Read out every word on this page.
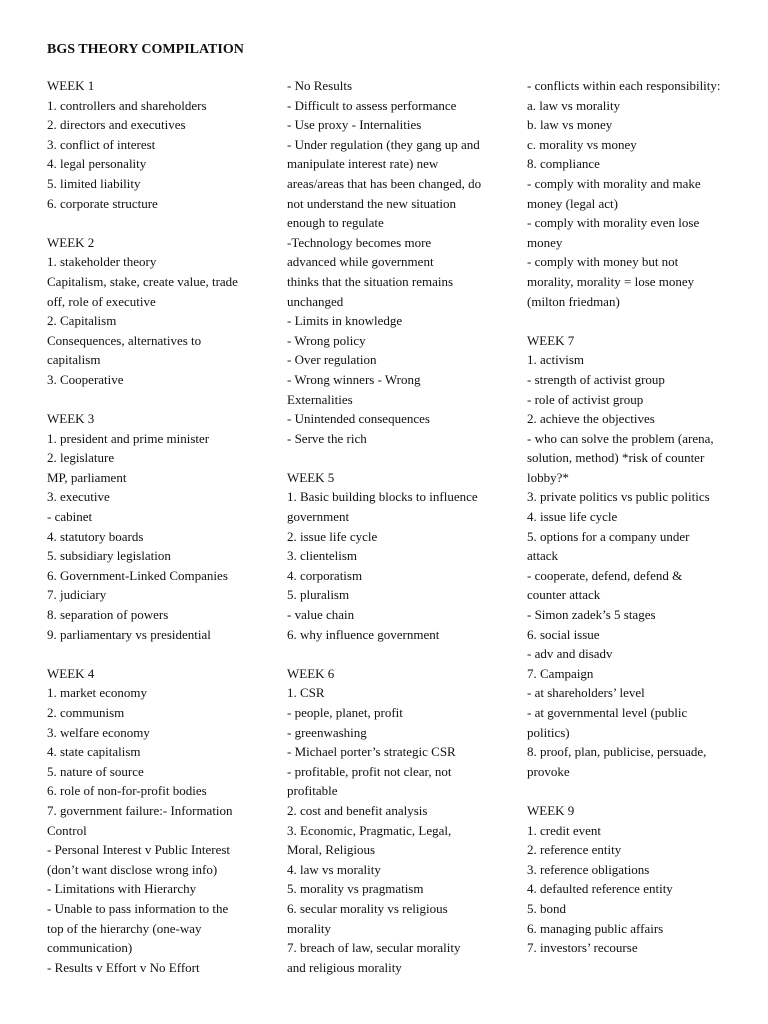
BGS THEORY COMPILATION
WEEK 1
1. controllers and shareholders
2. directors and executives
3. conflict of interest
4. legal personality
5. limited liability
6. corporate structure
WEEK 2
1. stakeholder theory
Capitalism, stake, create value, trade
off, role of executive
2. Capitalism
Consequences, alternatives to
capitalism
3. Cooperative
WEEK 3
1. president and prime minister
2. legislature
MP, parliament
3. executive
- cabinet
4. statutory boards
5. subsidiary legislation
6. Government-Linked Companies
7. judiciary
8. separation of powers
9. parliamentary vs presidential
WEEK 4
1. market economy
2. communism
3. welfare economy
4. state capitalism
5. nature of source
6. role of non-for-profit bodies
7. government failure:- Information
Control
- Personal Interest v Public Interest
(don’t want disclose wrong info)
- Limitations with Hierarchy
- Unable to pass information to the
top of the hierarchy (one-way
communication)
- Results v Effort v No Effort
- No Results
- Difficult to assess performance
- Use proxy - Internalities
- Under regulation (they gang up and
manipulate interest rate) new
areas/areas that has been changed, do
not understand the new situation
enough to regulate
-Technology becomes more
advanced while government
thinks that the situation remains
unchanged
- Limits in knowledge
- Wrong policy
- Over regulation
- Wrong winners - Wrong
Externalities
- Unintended consequences
- Serve the rich
WEEK 5
1. Basic building blocks to influence
government
2. issue life cycle
3. clientelism
4. corporatism
5. pluralism
- value chain
6. why influence government
WEEK 6
1. CSR
- people, planet, profit
- greenwashing
- Michael porter’s strategic CSR
- profitable, profit not clear, not
profitable
2. cost and benefit analysis
3. Economic, Pragmatic, Legal,
Moral, Religious
4. law vs morality
5. morality vs pragmatism
6. secular morality vs religious
morality
7. breach of law, secular morality
and religious morality
- conflicts within each responsibility:
a. law vs morality
b. law vs money
c. morality vs money
8. compliance
- comply with morality and make
money (legal act)
- comply with morality even lose
money
- comply with money but not
morality, morality = lose money
(milton friedman)
WEEK 7
1. activism
- strength of activist group
- role of activist group
2. achieve the objectives
- who can solve the problem (arena,
solution, method) *risk of counter
lobby?*
3. private politics vs public politics
4. issue life cycle
5. options for a company under
attack
- cooperate, defend, defend &
counter attack
- Simon zadek’s 5 stages
6. social issue
- adv and disadv
7. Campaign
- at shareholders’ level
- at governmental level (public
politics)
8. proof, plan, publicise, persuade,
provoke
WEEK 9
1. credit event
2. reference entity
3. reference obligations
4. defaulted reference entity
5. bond
6. managing public affairs
7. investors’ recourse
